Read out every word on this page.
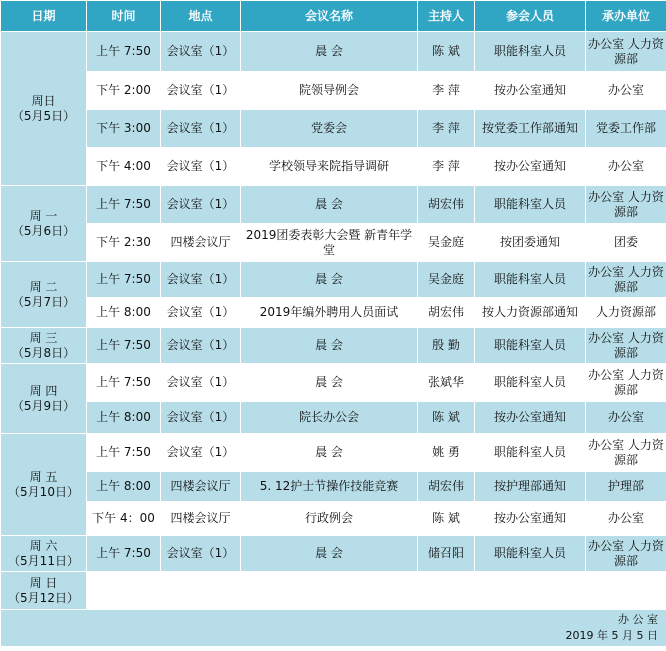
日期	时间	地点	会议名称	主持人	参会人员	承办单位

周日
（5月5日）	上午 7:50	会议室（1）	晨 会	陈 斌	职能科室人员	办公室 人力资源部
	下午 2:00	会议室（1）	院领导例会	李 萍	按办公室通知	办公室
	下午 3:00	会议室（1）	党委会	李 萍	按党委工作部通知	党委工作部
	下午 4:00	会议室（1）	学校领导来院指导调研	李 萍	按办公室通知	办公室

周 一
（5月6日）	上午 7:50	会议室（1）	晨 会	胡宏伟	职能科室人员	办公室 人力资源部
	下午 2:30	四楼会议厅	2019团委表彰大会暨 新青年学堂	吴金庭	按团委通知	团委

周 二
（5月7日）	上午 7:50	会议室（1）	晨 会	吴金庭	职能科室人员	办公室 人力资源部
	上午 8:00	会议室（1）	2019年编外聘用人员面试	胡宏伟	按人力资源部通知	人力资源部

周 三
（5月8日）	上午 7:50	会议室（1）	晨 会	殷 勤	职能科室人员	办公室 人力资源部

周 四
（5月9日）	上午 7:50	会议室（1）	晨 会	张斌华	职能科室人员	办公室 人力资源部
	上午 8:00	会议室（1）	院长办公会	陈 斌	按办公室通知	办公室

周 五
（5月10日）	上午 7:50	会议室（1）	晨 会	姚 勇	职能科室人员	办公室 人力资源部
	上午 8:00	四楼会议厅	5. 12护士节操作技能竞赛	胡宏伟	按护理部通知	护理部
	下午 4：00	四楼会议厅	行政例会	陈 斌	按办公室通知	办公室

周 六
（5月11日）	上午 7:50	会议室（1）	晨 会	储召阳	职能科室人员	办公室 人力资源部

周 日
（5月12日）						

办 公 室
2019 年 5 月 5 日						
